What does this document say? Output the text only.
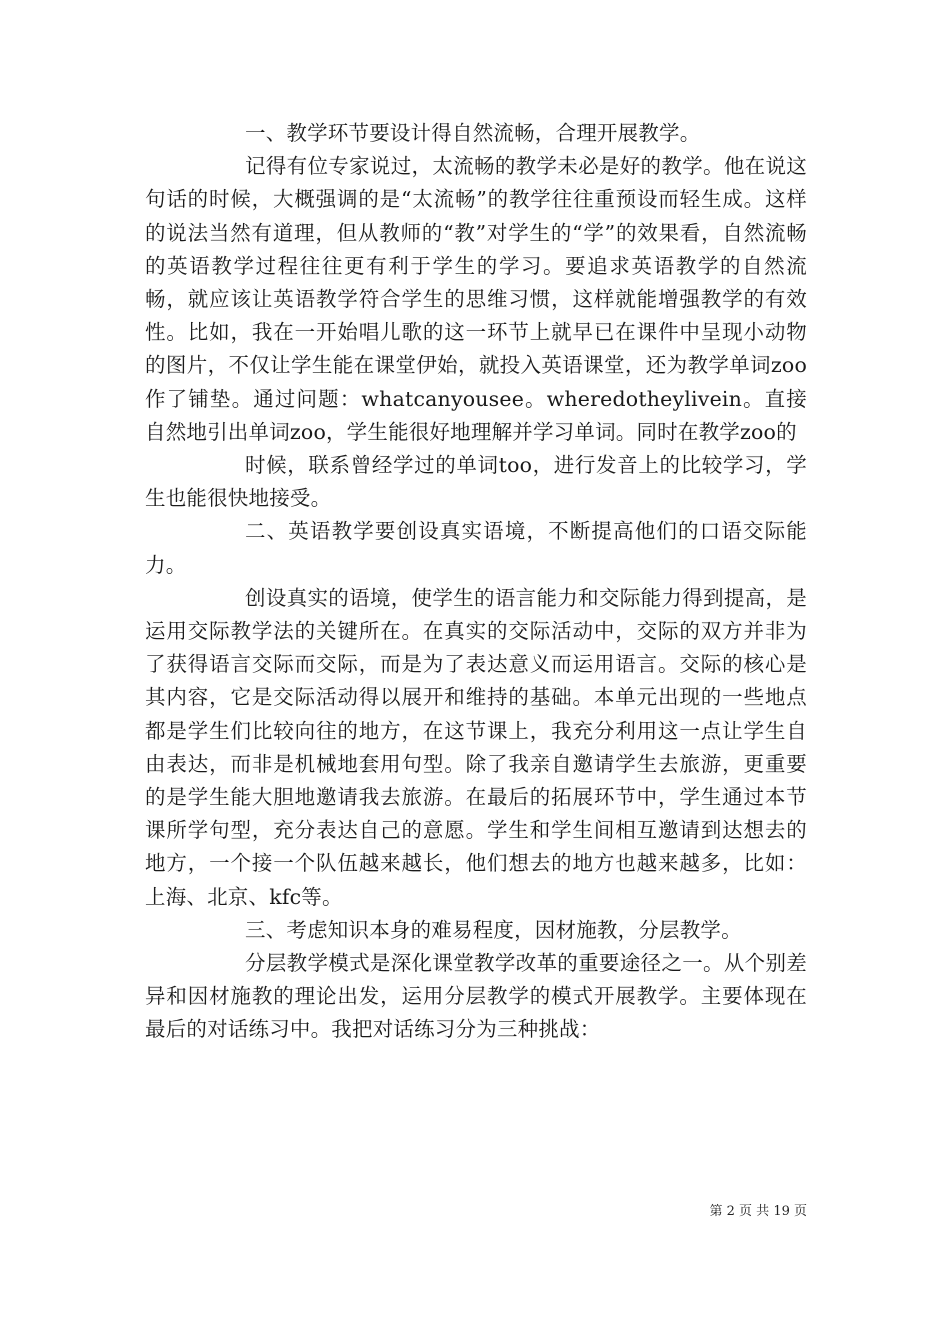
一、教学环节要设计得自然流畅，合理开展教学。

记得有位专家说过，太流畅的教学未必是好的教学。他在说这句话的时候，大概强调的是“太流畅”的教学往往重预设而轻生成。这样的说法当然有道理，但从教师的“教”对学生的“学”的效果看，自然流畅的英语教学过程往往更有利于学生的学习。要追求英语教学的自然流畅，就应该让英语教学符合学生的思维习惯，这样就能增强教学的有效性。比如，我在一开始唱儿歌的这一环节上就早已在课件中呈现小动物的图片，不仅让学生能在课堂伊始，就投入英语课堂，还为教学单词zoo作了铺垫。通过问题：whatcanyousee。wheredotheylivein。直接自然地引出单词zoo，学生能很好地理解并学习单词。同时在教学zoo的

时候，联系曾经学过的单词too，进行发音上的比较学习，学生也能很快地接受。

二、英语教学要创设真实语境，不断提高他们的口语交际能力。

创设真实的语境，使学生的语言能力和交际能力得到提高，是运用交际教学法的关键所在。在真实的交际活动中，交际的双方并非为了获得语言交际而交际，而是为了表达意义而运用语言。交际的核心是其内容，它是交际活动得以展开和维持的基础。本单元出现的一些地点都是学生们比较向往的地方，在这节课上，我充分利用这一点让学生自由表达，而非是机械地套用句型。除了我亲自邀请学生去旅游，更重要的是学生能大胆地邀请我去旅游。在最后的拓展环节中，学生通过本节课所学句型，充分表达自己的意愿。学生和学生间相互邀请到达想去的地方，一个接一个队伍越来越长，他们想去的地方也越来越多，比如：上海、北京、kfc等。

三、考虑知识本身的难易程度，因材施教，分层教学。

分层教学模式是深化课堂教学改革的重要途径之一。从个别差异和因材施教的理论出发，运用分层教学的模式开展教学。主要体现在最后的对话练习中。我把对话练习分为三种挑战：

第 2 页 共 19 页
